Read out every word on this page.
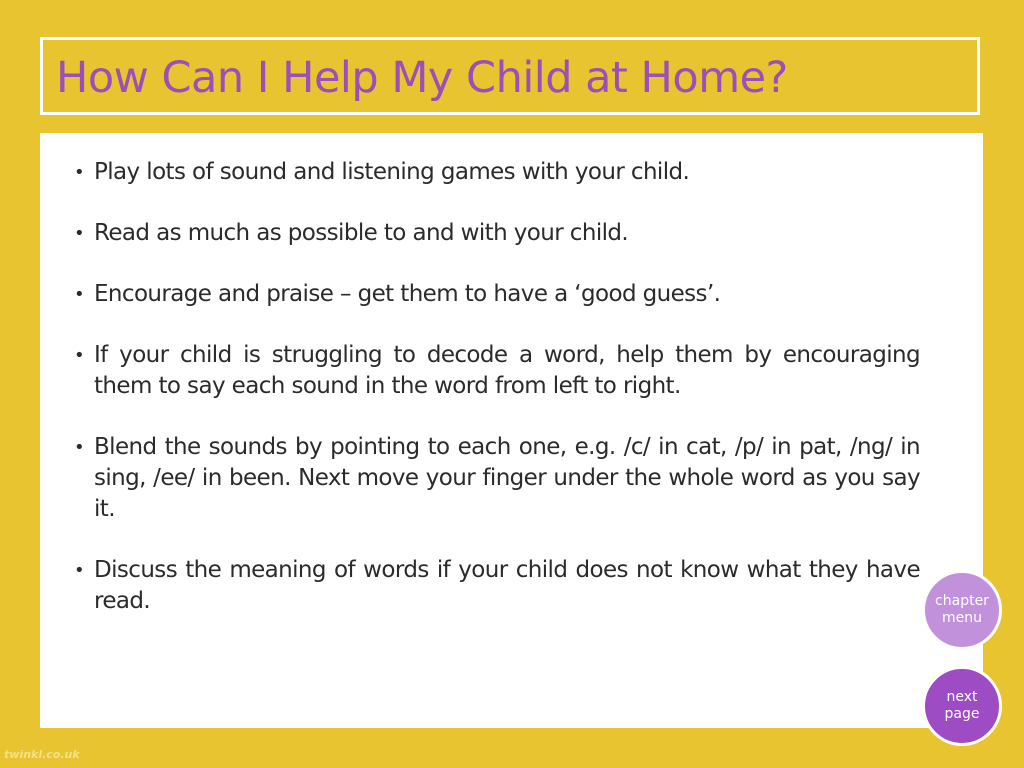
How Can I Help My Child at Home?
• Play lots of sound and listening games with your child.
• Read as much as possible to and with your child.
• Encourage and praise – get them to have a ‘good guess’.
• If your child is struggling to decode a word, help them by encouraging them to say each sound in the word from left to right.
• Blend the sounds by pointing to each one, e.g. /c/ in cat, /p/ in pat, /ng/ in sing, /ee/ in been. Next move your finger under the whole word as you say it.
• Discuss the meaning of words if your child does not know what they have read.	chapter menu
next page
twinkl.co.uk
